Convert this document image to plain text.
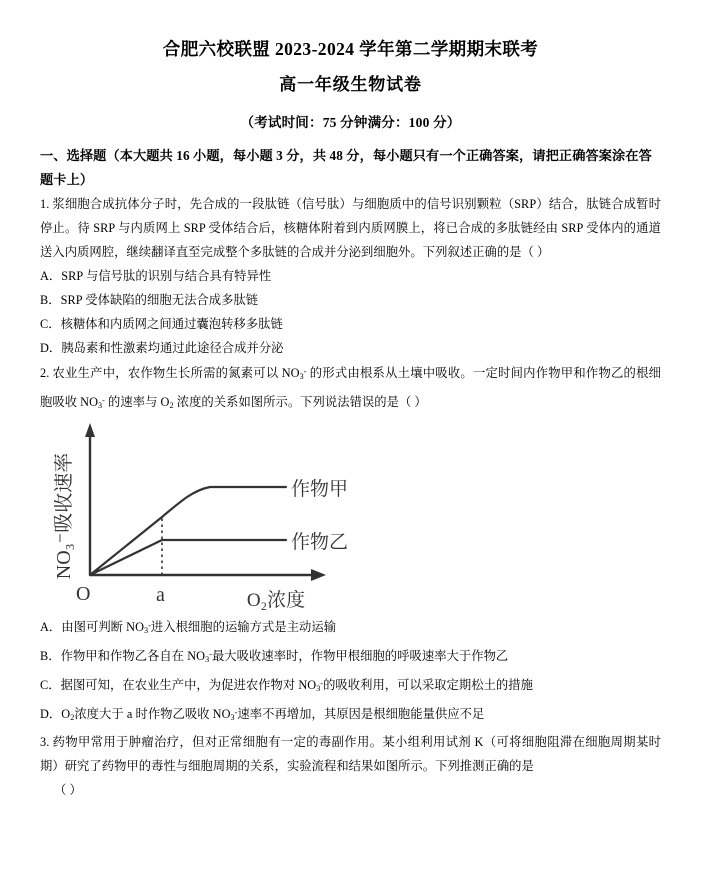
合肥六校联盟 2023-2024 学年第二学期期末联考
高一年级生物试卷

（考试时间：75 分钟满分：100 分）

一、选择题（本大题共 16 小题，每小题 3 分，共 48 分，每小题只有一个正确答案，请把正确答案涂在答题卡上）

1. 浆细胞合成抗体分子时，先合成的一段肽链（信号肽）与细胞质中的信号识别颗粒（SRP）结合，肽链合成暂时停止。待 SRP 与内质网上 SRP 受体结合后，核糖体附着到内质网膜上，将已合成的多肽链经由 SRP 受体内的通道送入内质网腔，继续翻译直至完成整个多肽链的合成并分泌到细胞外。下列叙述正确的是（ ）

A．SRP 与信号肽的识别与结合具有特异性

B．SRP 受体缺陷的细胞无法合成多肽链

C．核糖体和内质网之间通过囊泡转移多肽链

D．胰岛素和性激素均通过此途径合成并分泌

2. 农业生产中，农作物生长所需的氮素可以 $NO_3^-$ 的形式由根系从土壤中吸收。一定时间内作物甲和作物乙的根细胞吸收 $NO_3^-$ 的速率与 $O_2$ 浓度的关系如图所示。下列说法错误的是（ ）

NO₃⁻吸收速率	作物甲
作物乙
O	a	O₂浓度

A．由图可判断 $NO_3^-$进入根细胞的运输方式是主动运输

B．作物甲和作物乙各自在 $NO_3^-$最大吸收速率时，作物甲根细胞的呼吸速率大于作物乙

C．据图可知，在农业生产中，为促进农作物对 $NO_3^-$的吸收利用，可以采取定期松土的措施

D．$O_2$浓度大于 a 时作物乙吸收 $NO_3^-$速率不再增加，其原因是根细胞能量供应不足

3. 药物甲常用于肿瘤治疗，但对正常细胞有一定的毒副作用。某小组利用试剂 K（可将细胞阻滞在细胞周期某时期）研究了药物甲的毒性与细胞周期的关系，实验流程和结果如图所示。下列推测正确的是

（ ）
